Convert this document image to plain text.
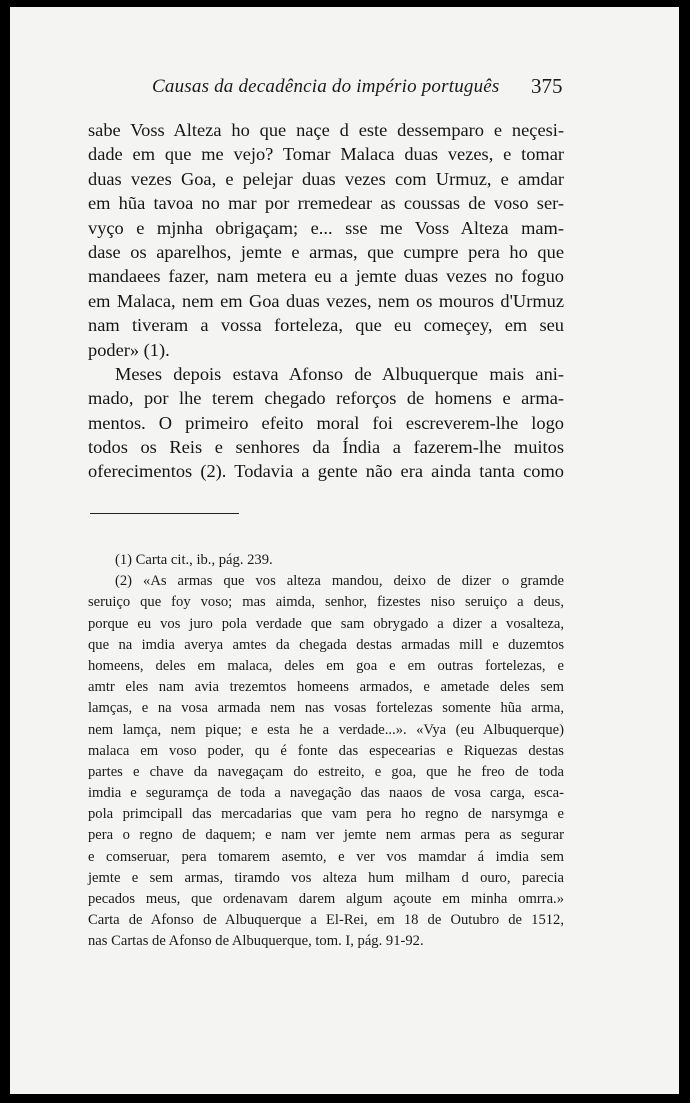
Causas da decadência do império português	375
sabe Voss Alteza ho que naçe d este dessemparo e neçesi-
dade em que me vejo? Tomar Malaca duas vezes, e tomar
duas vezes Goa, e pelejar duas vezes com Urmuz, e amdar
em hũa tavoa no mar por rremedear as coussas de voso ser-
vyço e mjnha obrigaçam; e... sse me Voss Alteza mam-
dase os aparelhos, jemte e armas, que cumpre pera ho que
mandaees fazer, nam metera eu a jemte duas vezes no foguo
em Malaca, nem em Goa duas vezes, nem os mouros d'Urmuz
nam tiveram a vossa forteleza, que eu começey, em seu
poder» (1).
Meses depois estava Afonso de Albuquerque mais ani-
mado, por lhe terem chegado reforços de homens e arma-
mentos. O primeiro efeito moral foi escreverem-lhe logo
todos os Reis e senhores da Índia a fazerem-lhe muitos
oferecimentos (2). Todavia a gente não era ainda tanta como
(1) Carta cit., ib., pág. 239.
(2) «As armas que vos alteza mandou, deixo de dizer o gramde
seruiço que foy voso; mas aimda, senhor, fizestes niso seruiço a deus,
porque eu vos juro pola verdade que sam obrygado a dizer a vosalteza,
que na imdia averya amtes da chegada destas armadas mill e duzemtos
homeens, deles em malaca, deles em goa e em outras fortelezas, e
amtr eles nam avia trezemtos homeens armados, e ametade deles sem
lamças, e na vosa armada nem nas vosas fortelezas somente hũa arma,
nem lamça, nem pique; e esta he a verdade...». «Vya (eu Albuquerque)
malaca em voso poder, qu é fonte das especearias e Riquezas destas
partes e chave da navegaçam do estreito, e goa, que he freo de toda
imdia e seguramça de toda a navegação das naaos de vosa carga, esca-
pola primcipall das mercadarias que vam pera ho regno de narsymga e
pera o regno de daquem; e nam ver jemte nem armas pera as segurar
e comseruar, pera tomarem asemto, e ver vos mamdar á imdia sem
jemte e sem armas, tiramdo vos alteza hum milham d ouro, parecia
pecados meus, que ordenavam darem algum açoute em minha omrra.»
Carta de Afonso de Albuquerque a El-Rei, em 18 de Outubro de 1512,
nas Cartas de Afonso de Albuquerque, tom. I, pág. 91-92.
